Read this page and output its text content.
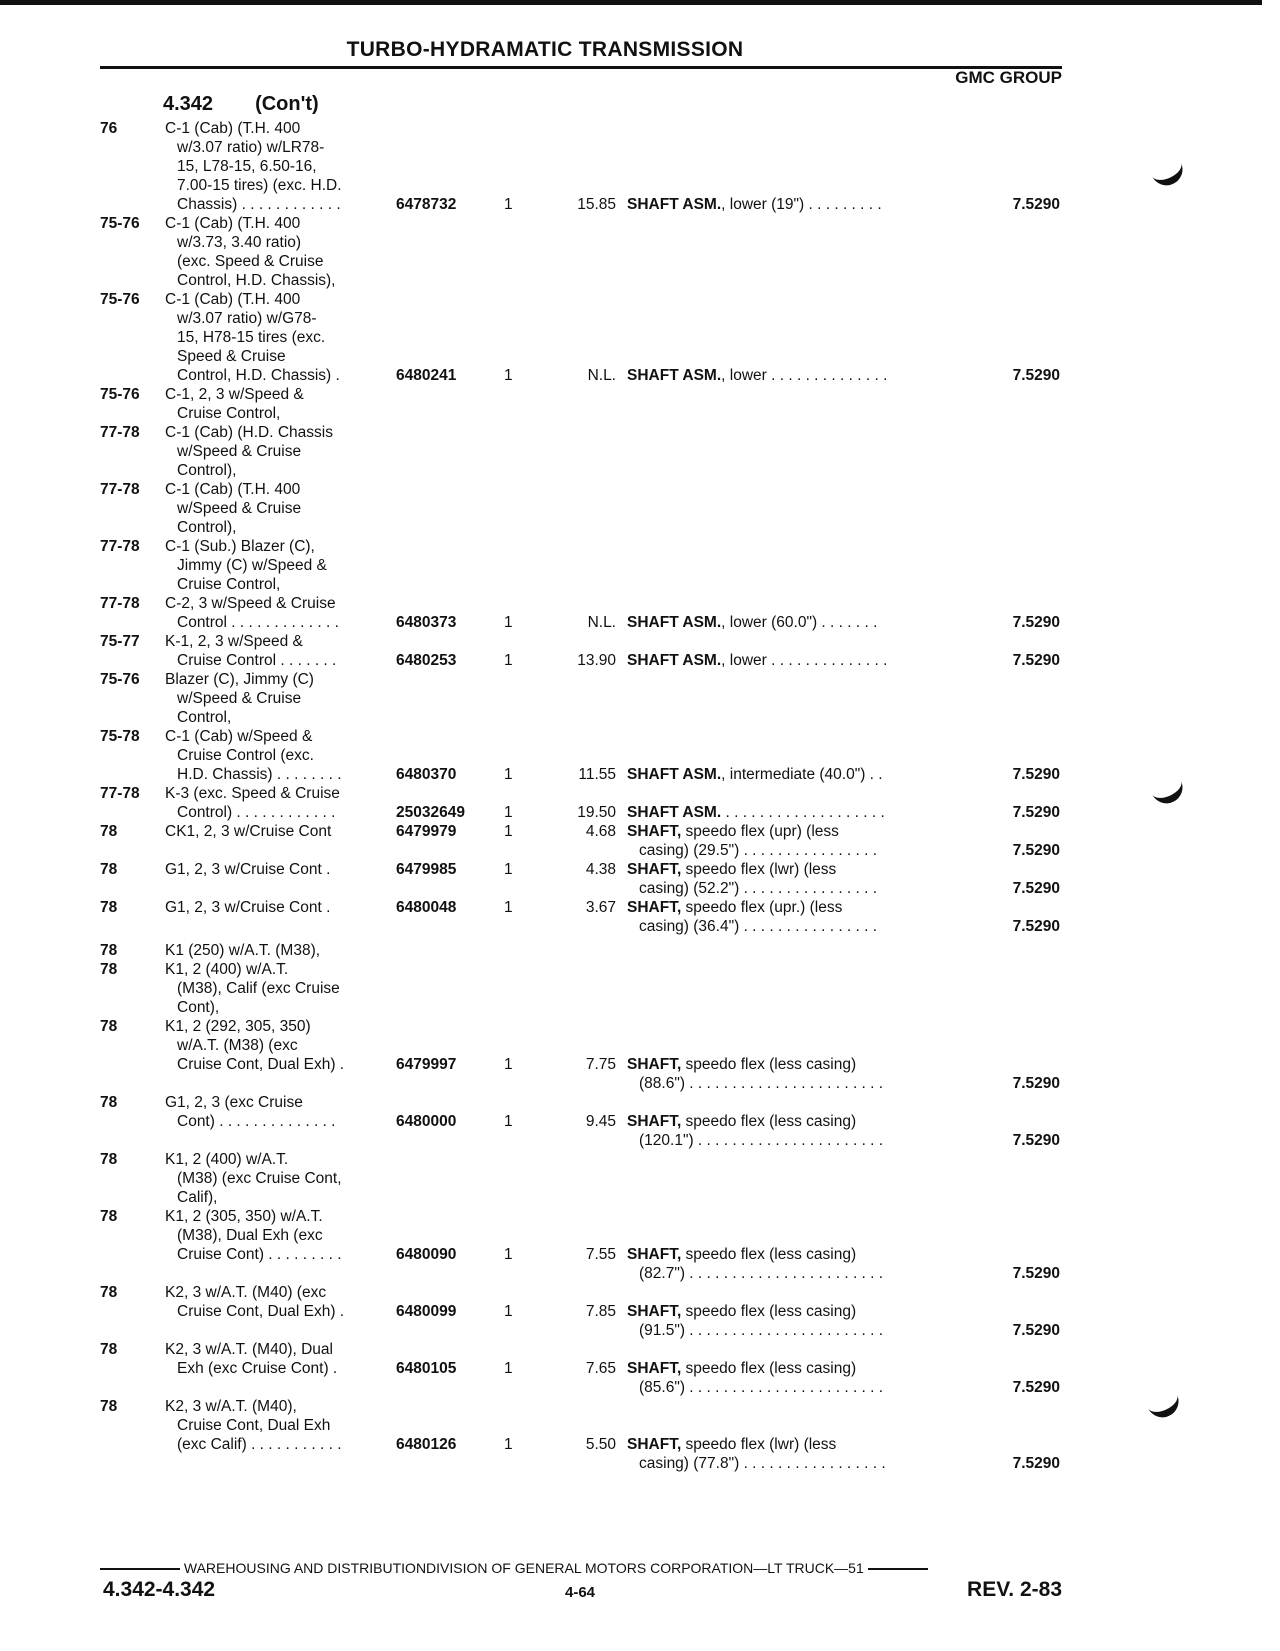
TURBO-HYDRAMATIC TRANSMISSION
GMC GROUP
4.342 (Con't)
76	C-1 (Cab) (T.H. 400
w/3.07 ratio) w/LR78-
15, L78-15, 6.50-16,
7.00-15 tires) (exc. H.D.
Chassis) . . . . . . . . . . . .	6478732	1	15.85 SHAFT ASM., lower (19") . . . . . . . . .	7.5290
75-76	C-1 (Cab) (T.H. 400
w/3.73, 3.40 ratio)
(exc. Speed & Cruise
Control, H.D. Chassis),
75-76	C-1 (Cab) (T.H. 400
w/3.07 ratio) w/G78-
15, H78-15 tires (exc.
Speed & Cruise
Control, H.D. Chassis) .	6480241	1	N.L. SHAFT ASM., lower . . . . . . . . . . . . . .	7.5290
75-76	C-1, 2, 3 w/Speed &
Cruise Control,
77-78	C-1 (Cab) (H.D. Chassis
w/Speed & Cruise
Control),
77-78	C-1 (Cab) (T.H. 400
w/Speed & Cruise
Control),
77-78	C-1 (Sub.) Blazer (C),
Jimmy (C) w/Speed &
Cruise Control,
77-78	C-2, 3 w/Speed & Cruise
Control . . . . . . . . . . . . .	6480373	1	N.L. SHAFT ASM., lower (60.0") . . . . . . .	7.5290
75-77	K-1, 2, 3 w/Speed &
Cruise Control . . . . . . .	6480253	1	13.90 SHAFT ASM., lower . . . . . . . . . . . . . .	7.5290
75-76	Blazer (C), Jimmy (C)
w/Speed & Cruise
Control,
75-78	C-1 (Cab) w/Speed &
Cruise Control (exc.
H.D. Chassis) . . . . . . . .	6480370	1	11.55 SHAFT ASM., intermediate (40.0") . .	7.5290
77-78	K-3 (exc. Speed & Cruise
Control) . . . . . . . . . . . .	25032649	1	19.50 SHAFT ASM. . . . . . . . . . . . . . . . . . . .	7.5290
78	CK1, 2, 3 w/Cruise Cont	6479979	1	4.68 SHAFT, speedo flex (upr) (less
casing) (29.5") . . . . . . . . . . . . . . . .	7.5290
78	G1, 2, 3 w/Cruise Cont .	6479985	1	4.38 SHAFT, speedo flex (lwr) (less
casing) (52.2") . . . . . . . . . . . . . . . .	7.5290
78	G1, 2, 3 w/Cruise Cont .	6480048	1	3.67 SHAFT, speedo flex (upr.) (less
casing) (36.4") . . . . . . . . . . . . . . . .	7.5290
78	K1 (250) w/A.T. (M38),
78	K1, 2 (400) w/A.T.
(M38), Calif (exc Cruise
Cont),
78	K1, 2 (292, 305, 350)
w/A.T. (M38) (exc
Cruise Cont, Dual Exh) .	6479997	1	7.75 SHAFT, speedo flex (less casing)
(88.6") . . . . . . . . . . . . . . . . . . . . . . .	7.5290
78	G1, 2, 3 (exc Cruise
Cont) . . . . . . . . . . . . . .	6480000	1	9.45 SHAFT, speedo flex (less casing)
(120.1") . . . . . . . . . . . . . . . . . . . . . .	7.5290
78	K1, 2 (400) w/A.T.
(M38) (exc Cruise Cont,
Calif),
78	K1, 2 (305, 350) w/A.T.
(M38), Dual Exh (exc
Cruise Cont) . . . . . . . . .	6480090	1	7.55 SHAFT, speedo flex (less casing)
(82.7") . . . . . . . . . . . . . . . . . . . . . . .	7.5290
78	K2, 3 w/A.T. (M40) (exc
Cruise Cont, Dual Exh) .	6480099	1	7.85 SHAFT, speedo flex (less casing)
(91.5") . . . . . . . . . . . . . . . . . . . . . . .	7.5290
78	K2, 3 w/A.T. (M40), Dual
Exh (exc Cruise Cont) .	6480105	1	7.65 SHAFT, speedo flex (less casing)
(85.6") . . . . . . . . . . . . . . . . . . . . . . .	7.5290
78	K2, 3 w/A.T. (M40),
Cruise Cont, Dual Exh
(exc Calif) . . . . . . . . . . .	6480126	1	5.50 SHAFT, speedo flex (lwr) (less
casing) (77.8") . . . . . . . . . . . . . . . . .	7.5290
WAREHOUSING AND DISTRIBUTIONDIVISION OF GENERAL MOTORS CORPORATION—LT TRUCK—51
4.342-4.342	4-64	REV. 2-83
